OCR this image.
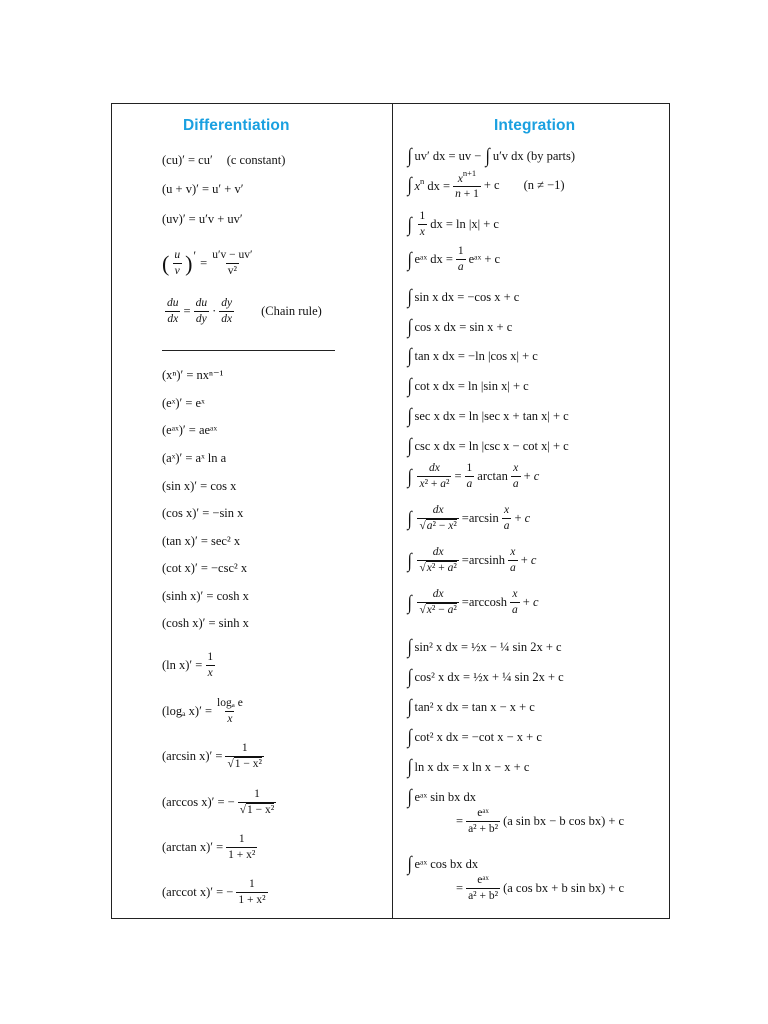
Differentiation	Integration
(cu)′ = cu′ (c constant)
(u + v)′ = u′ + v′
(uv)′ = u′v + uv′
( $\frac{u}{v}$ ) ′ = $\frac{u'v - uv'}{\text{v²}}$
$\frac{du}{dx} = \frac{du}{dy} \cdot \frac{dy}{dx}$ (Chain rule)
(xⁿ)′ = nxⁿ⁻¹
(eˣ)′ = eˣ
(eᵃˣ)′ = aeᵃˣ
(aˣ)′ = aˣ ln a
(sin x)′ = cos x
(cos x)′ = −sin x
(tan x)′ = sec² x
(cot x)′ = −csc² x
(sinh x)′ = cosh x
(cosh x)′ = sinh x
(ln $x)' = \frac{1}{x}$
(logₐ $x)' = \frac{\text{logₐ e}}{x}$
(arcsin $x)' = \frac{1}{\text{√1 − x²}}$
(arccos x)′ = − $\frac{1}{\text{√1 − x²}}$
(arctan $x)' = \frac{1}{\text{1 + x²}}$
(arccot x)′ = − $\frac{1}{\text{1 + x²}}$
∫ uv′ dx = uv − ∫ u′v dx (by parts)
∫ $x^n$ dx = $\frac{x^{n+1}}{n + 1} + c$ (n ≠ −1)
∫ $\frac{1}{x}$ dx = ln |x| + c
∫ eᵃˣ dx = $\frac{1}{a}$ eᵃˣ + c
∫ sin x dx = −cos x + c
∫ cos x dx = sin x + c
∫ tan x dx = −ln |cos x| + c
∫ cot x dx = ln |sin x| + c
∫ sec x dx = ln |sec x + tan x| + c
∫ csc x dx = ln |csc x − cot x| + c
∫ $\frac{dx}{\text{x² + a²}} = \frac{1}{a}$ $\arctan \frac{x}{a} + c$
∫ $\frac{dx}{\text{√a² − x²}} = \arcsin \frac{x}{a} + c$
∫ $\frac{dx}{\text{√x² + a²}} = \arcsin h \frac{x}{a} + c$
∫ $\frac{dx}{\text{√x² − a²}} = \arccos h \frac{x}{a} + c$
∫ sin² x dx = ½x − ¼ sin 2x + c
∫ cos² x dx = ½x + ¼ sin 2x + c
∫ tan² x dx = tan x − x + c
∫ cot² x dx = −cot x − x + c
∫ ln x dx = x ln x − x + c
∫ eᵃˣ sin bx dx
= $\frac{\text{eᵃˣ}}{\text{a² + b²}} (a$ sin bx − b cos bx) + c
∫ eᵃˣ cos bx dx
= $\frac{\text{eᵃˣ}}{\text{a² + b²}} (a$ cos bx + b sin bx) + c
